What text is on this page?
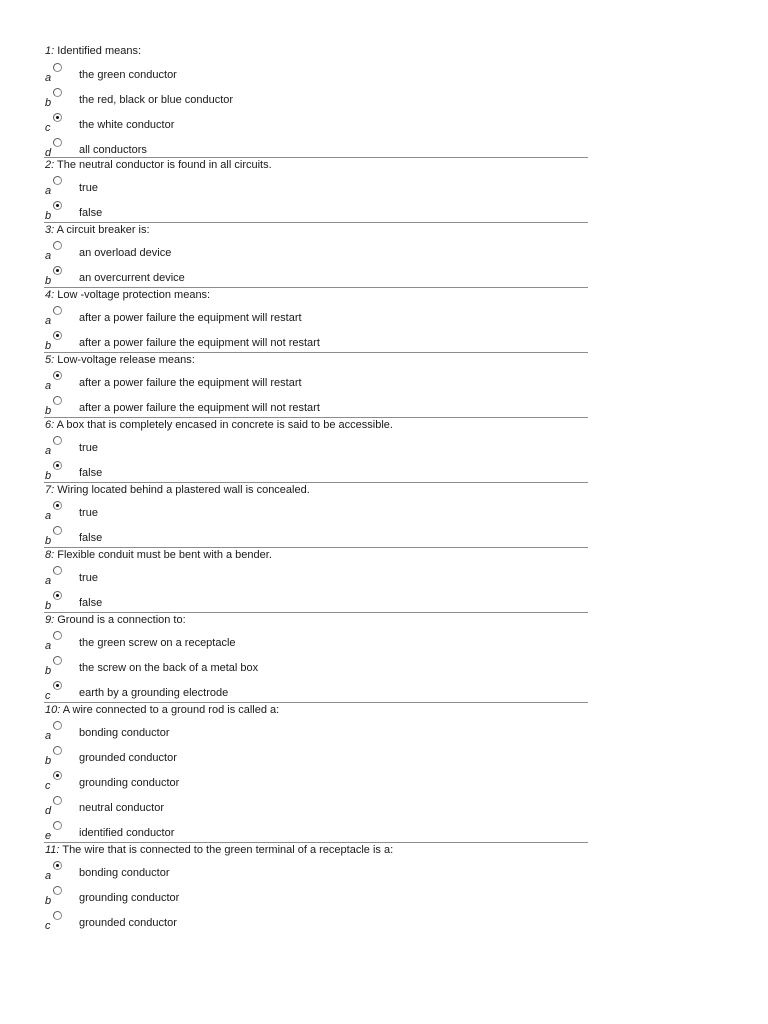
1: Identified means:
a	the green conductor
b	the red, black or blue conductor
c	the white conductor
d	all conductors
2: The neutral conductor is found in all circuits.
a	true
b	false
3: A circuit breaker is:
a	an overload device
b	an overcurrent device
4: Low -voltage protection means:
a	after a power failure the equipment will restart
b	after a power failure the equipment will not restart
5: Low-voltage release means:
a	after a power failure the equipment will restart
b	after a power failure the equipment will not restart
6: A box that is completely encased in concrete is said to be accessible.
a	true
b	false
7: Wiring located behind a plastered wall is concealed.
a	true
b	false
8: Flexible conduit must be bent with a bender.
a	true
b	false
9: Ground is a connection to:
a	the green screw on a receptacle
b	the screw on the back of a metal box
c	earth by a grounding electrode
10: A wire connected to a ground rod is called a:
a	bonding conductor
b	grounded conductor
c	grounding conductor
d	neutral conductor
e	identified conductor
11: The wire that is connected to the green terminal of a receptacle is a:
a	bonding conductor
b	grounding conductor
c	grounded conductor
